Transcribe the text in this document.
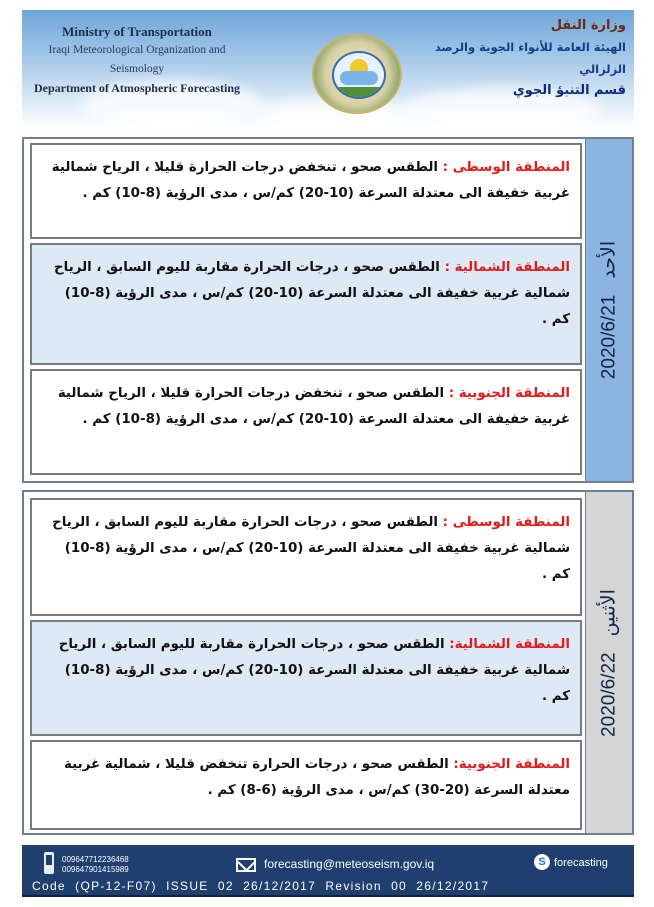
Ministry of Transportation
Iraqi Meteorological Organization and Seismology
Department of Atmospheric Forecasting
وزارة النقل
الهيئة العامة للأنواء الجوية والرصد الزلزالي
قسم التنبؤ الجوي
المنطقة الوسطى : الطقس صحو ، تنخفض درجات الحرارة قليلا ، الرياح شمالية غربية خفيفة الى معتدلة السرعة (10-20) كم/س ، مدى الرؤية (8-10) كم .
المنطقة الشمالية : الطقس صحو ، درجات الحرارة مقاربة لليوم السابق ، الرياح شمالية غربية خفيفة الى معتدلة السرعة (10-20) كم/س ، مدى الرؤية (8-10) كم .
المنطقة الجنوبية : الطقس صحو ، تنخفض درجات الحرارة قليلا ، الرياح شمالية غربية خفيفة الى معتدلة السرعة (10-20) كم/س ، مدى الرؤية (8-10) كم .
2020/6/21الأحد
المنطقة الوسطى : الطقس صحو ، درجات الحرارة مقاربة لليوم السابق ، الرياح شمالية غربية خفيفة الى معتدلة السرعة (10-20) كم/س ، مدى الرؤية (8-10) كم .
المنطقة الشمالية: الطقس صحو ، درجات الحرارة مقاربة لليوم السابق ، الرياح شمالية غربية خفيفة الى معتدلة السرعة (10-20) كم/س ، مدى الرؤية (8-10) كم .
المنطقة الجنوبية: الطقس صحو ، درجات الحرارة تنخفض قليلا ، شمالية غربية معتدلة السرعة (20-30) كم/س ، مدى الرؤية (6-8) كم .
2020/6/22الأثنين
009647712236468
009647901415989	forecasting@meteoseism.gov.iq	S forecasting
Code  (QP-12-F07)  ISSUE  02  26/12/2017  Revision  00  26/12/2017
